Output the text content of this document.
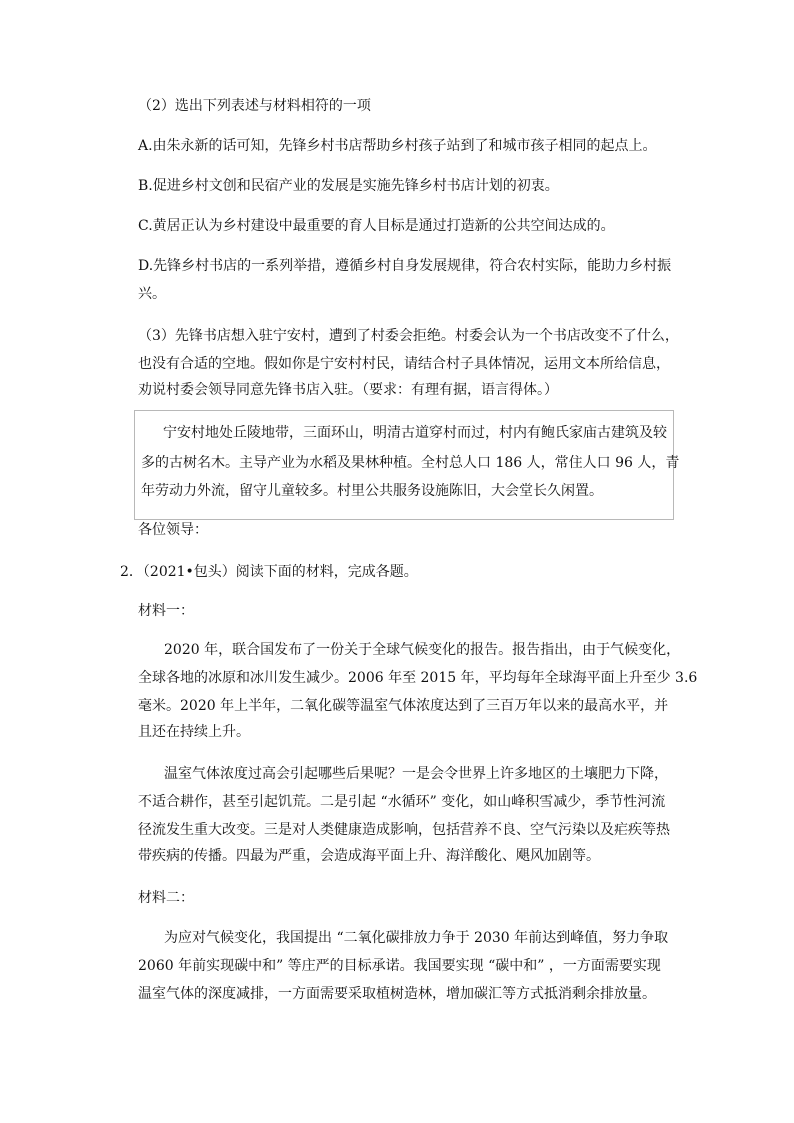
（2）选出下列表述与材料相符的一项
A.由朱永新的话可知，先锋乡村书店帮助乡村孩子站到了和城市孩子相同的起点上。
B.促进乡村文创和民宿产业的发展是实施先锋乡村书店计划的初衷。
C.黄居正认为乡村建设中最重要的育人目标是通过打造新的公共空间达成的。
D.先锋乡村书店的一系列举措，遵循乡村自身发展规律，符合农村实际，能助力乡村振
兴。
（3）先锋书店想入驻宁安村，遭到了村委会拒绝。村委会认为一个书店改变不了什么，
也没有合适的空地。假如你是宁安村村民，请结合村子具体情况，运用文本所给信息，
劝说村委会领导同意先锋书店入驻。（要求：有理有据，语言得体。）
宁安村地处丘陵地带，三面环山，明清古道穿村而过，村内有鲍氏家庙古建筑及较
多的古树名木。主导产业为水稻及果林种植。全村总人口 186 人，常住人口 96 人，青
年劳动力外流，留守儿童较多。村里公共服务设施陈旧，大会堂长久闲置。
各位领导：
2．（2021•包头）阅读下面的材料，完成各题。
材料一：
2020 年，联合国发布了一份关于全球气候变化的报告。报告指出，由于气候变化，
全球各地的冰原和冰川发生减少。2006 年至 2015 年，平均每年全球海平面上升至少 3.6
毫米。2020 年上半年，二氧化碳等温室气体浓度达到了三百万年以来的最高水平，并
且还在持续上升。
温室气体浓度过高会引起哪些后果呢？一是会令世界上许多地区的土壤肥力下降，
不适合耕作，甚至引起饥荒。二是引起 “水循环” 变化，如山峰积雪减少，季节性河流
径流发生重大改变。三是对人类健康造成影响，包括营养不良、空气污染以及疟疾等热
带疾病的传播。四最为严重，会造成海平面上升、海洋酸化、飓风加剧等。
材料二：
为应对气候变化，我国提出 “二氧化碳排放力争于 2030 年前达到峰值，努力争取
2060 年前实现碳中和” 等庄严的目标承诺。我国要实现 “碳中和” ，一方面需要实现
温室气体的深度减排，一方面需要采取植树造林，增加碳汇等方式抵消剩余排放量。
